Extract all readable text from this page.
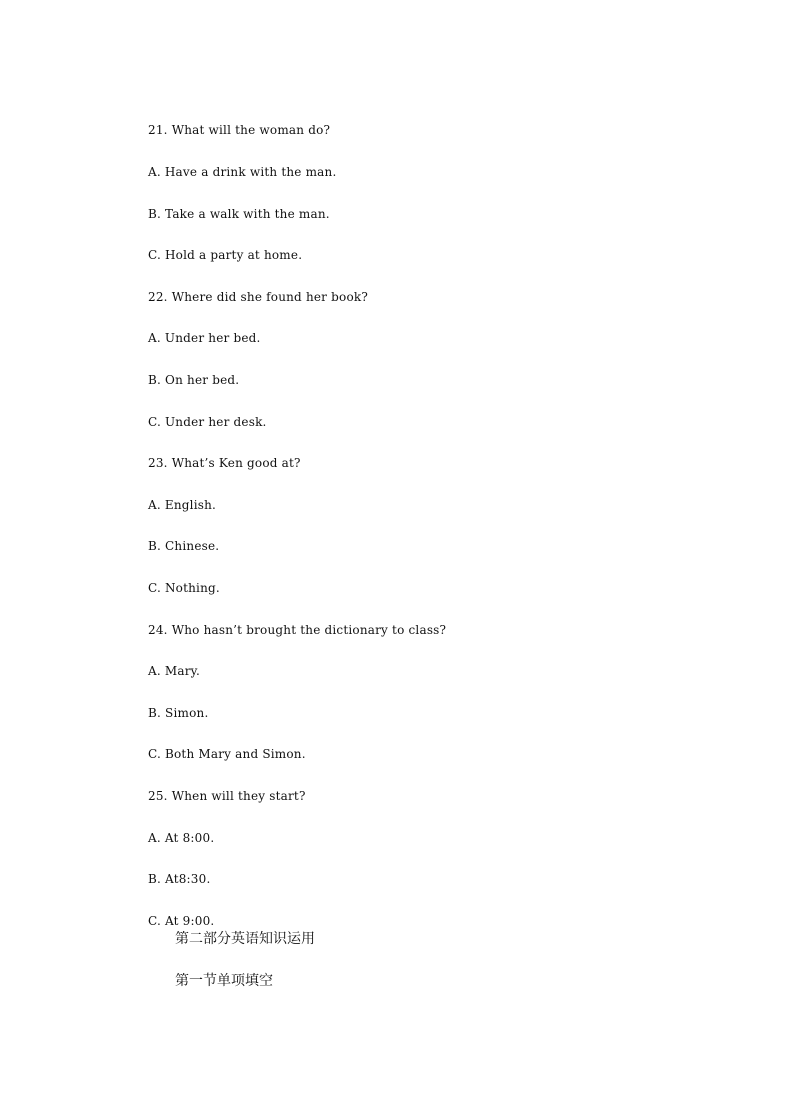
21. What will the woman do?
A. Have a drink with the man.
B. Take a walk with the man.
C. Hold a party at home.
22. Where did she found her book?
A. Under her bed.
B. On her bed.
C. Under her desk.
23. What’s Ken good at?
A. English.
B. Chinese.
C. Nothing.
24. Who hasn’t brought the dictionary to class?
A. Mary.
B. Simon.
C. Both Mary and Simon.
25. When will they start?
A. At 8:00.
B. At8:30.
C. At 9:00.
第二部分英语知识运用
第一节单项填空
